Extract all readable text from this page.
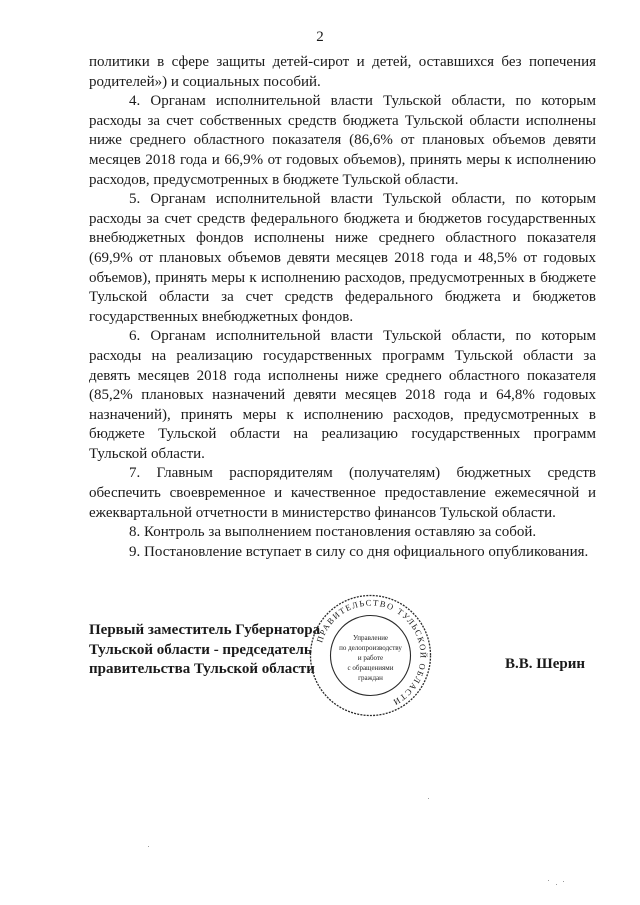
2

политики в сфере защиты детей-сирот и детей, оставшихся без попечения родителей») и социальных пособий.

4. Органам исполнительной власти Тульской области, по которым расходы за счет собственных средств бюджета Тульской области исполнены ниже среднего областного показателя (86,6% от плановых объемов девяти месяцев 2018 года и 66,9% от годовых объемов), принять меры к исполнению расходов, предусмотренных в бюджете Тульской области.

5. Органам исполнительной власти Тульской области, по которым расходы за счет средств федерального бюджета и бюджетов государственных внебюджетных фондов исполнены ниже среднего областного показателя (69,9% от плановых объемов девяти месяцев 2018 года и 48,5% от годовых объемов), принять меры к исполнению расходов, предусмотренных в бюджете Тульской области за счет средств федерального бюджета и бюджетов государственных внебюджетных фондов.

6. Органам исполнительной власти Тульской области, по которым расходы на реализацию государственных программ Тульской области за девять месяцев 2018 года исполнены ниже среднего областного показателя (85,2% плановых назначений девяти месяцев 2018 года и 64,8% годовых назначений), принять меры к исполнению расходов, предусмотренных в бюджете Тульской области на реализацию государственных программ Тульской области.

7. Главным распорядителям (получателям) бюджетных средств обеспечить своевременное и качественное предоставление ежемесячной и ежеквартальной отчетности в министерство финансов Тульской области.

8. Контроль за выполнением постановления оставляю за собой.

9. Постановление вступает в силу со дня официального опубликования.

Первый заместитель Губернатора
Тульской области - председатель
правительства Тульской области	В.В. Шерин
ПРАВИТЕЛЬСТВО ТУЛЬСКОЙ ОБЛАСТИ
Управление
по делопроизводству
и работе
с обращениями
граждан
